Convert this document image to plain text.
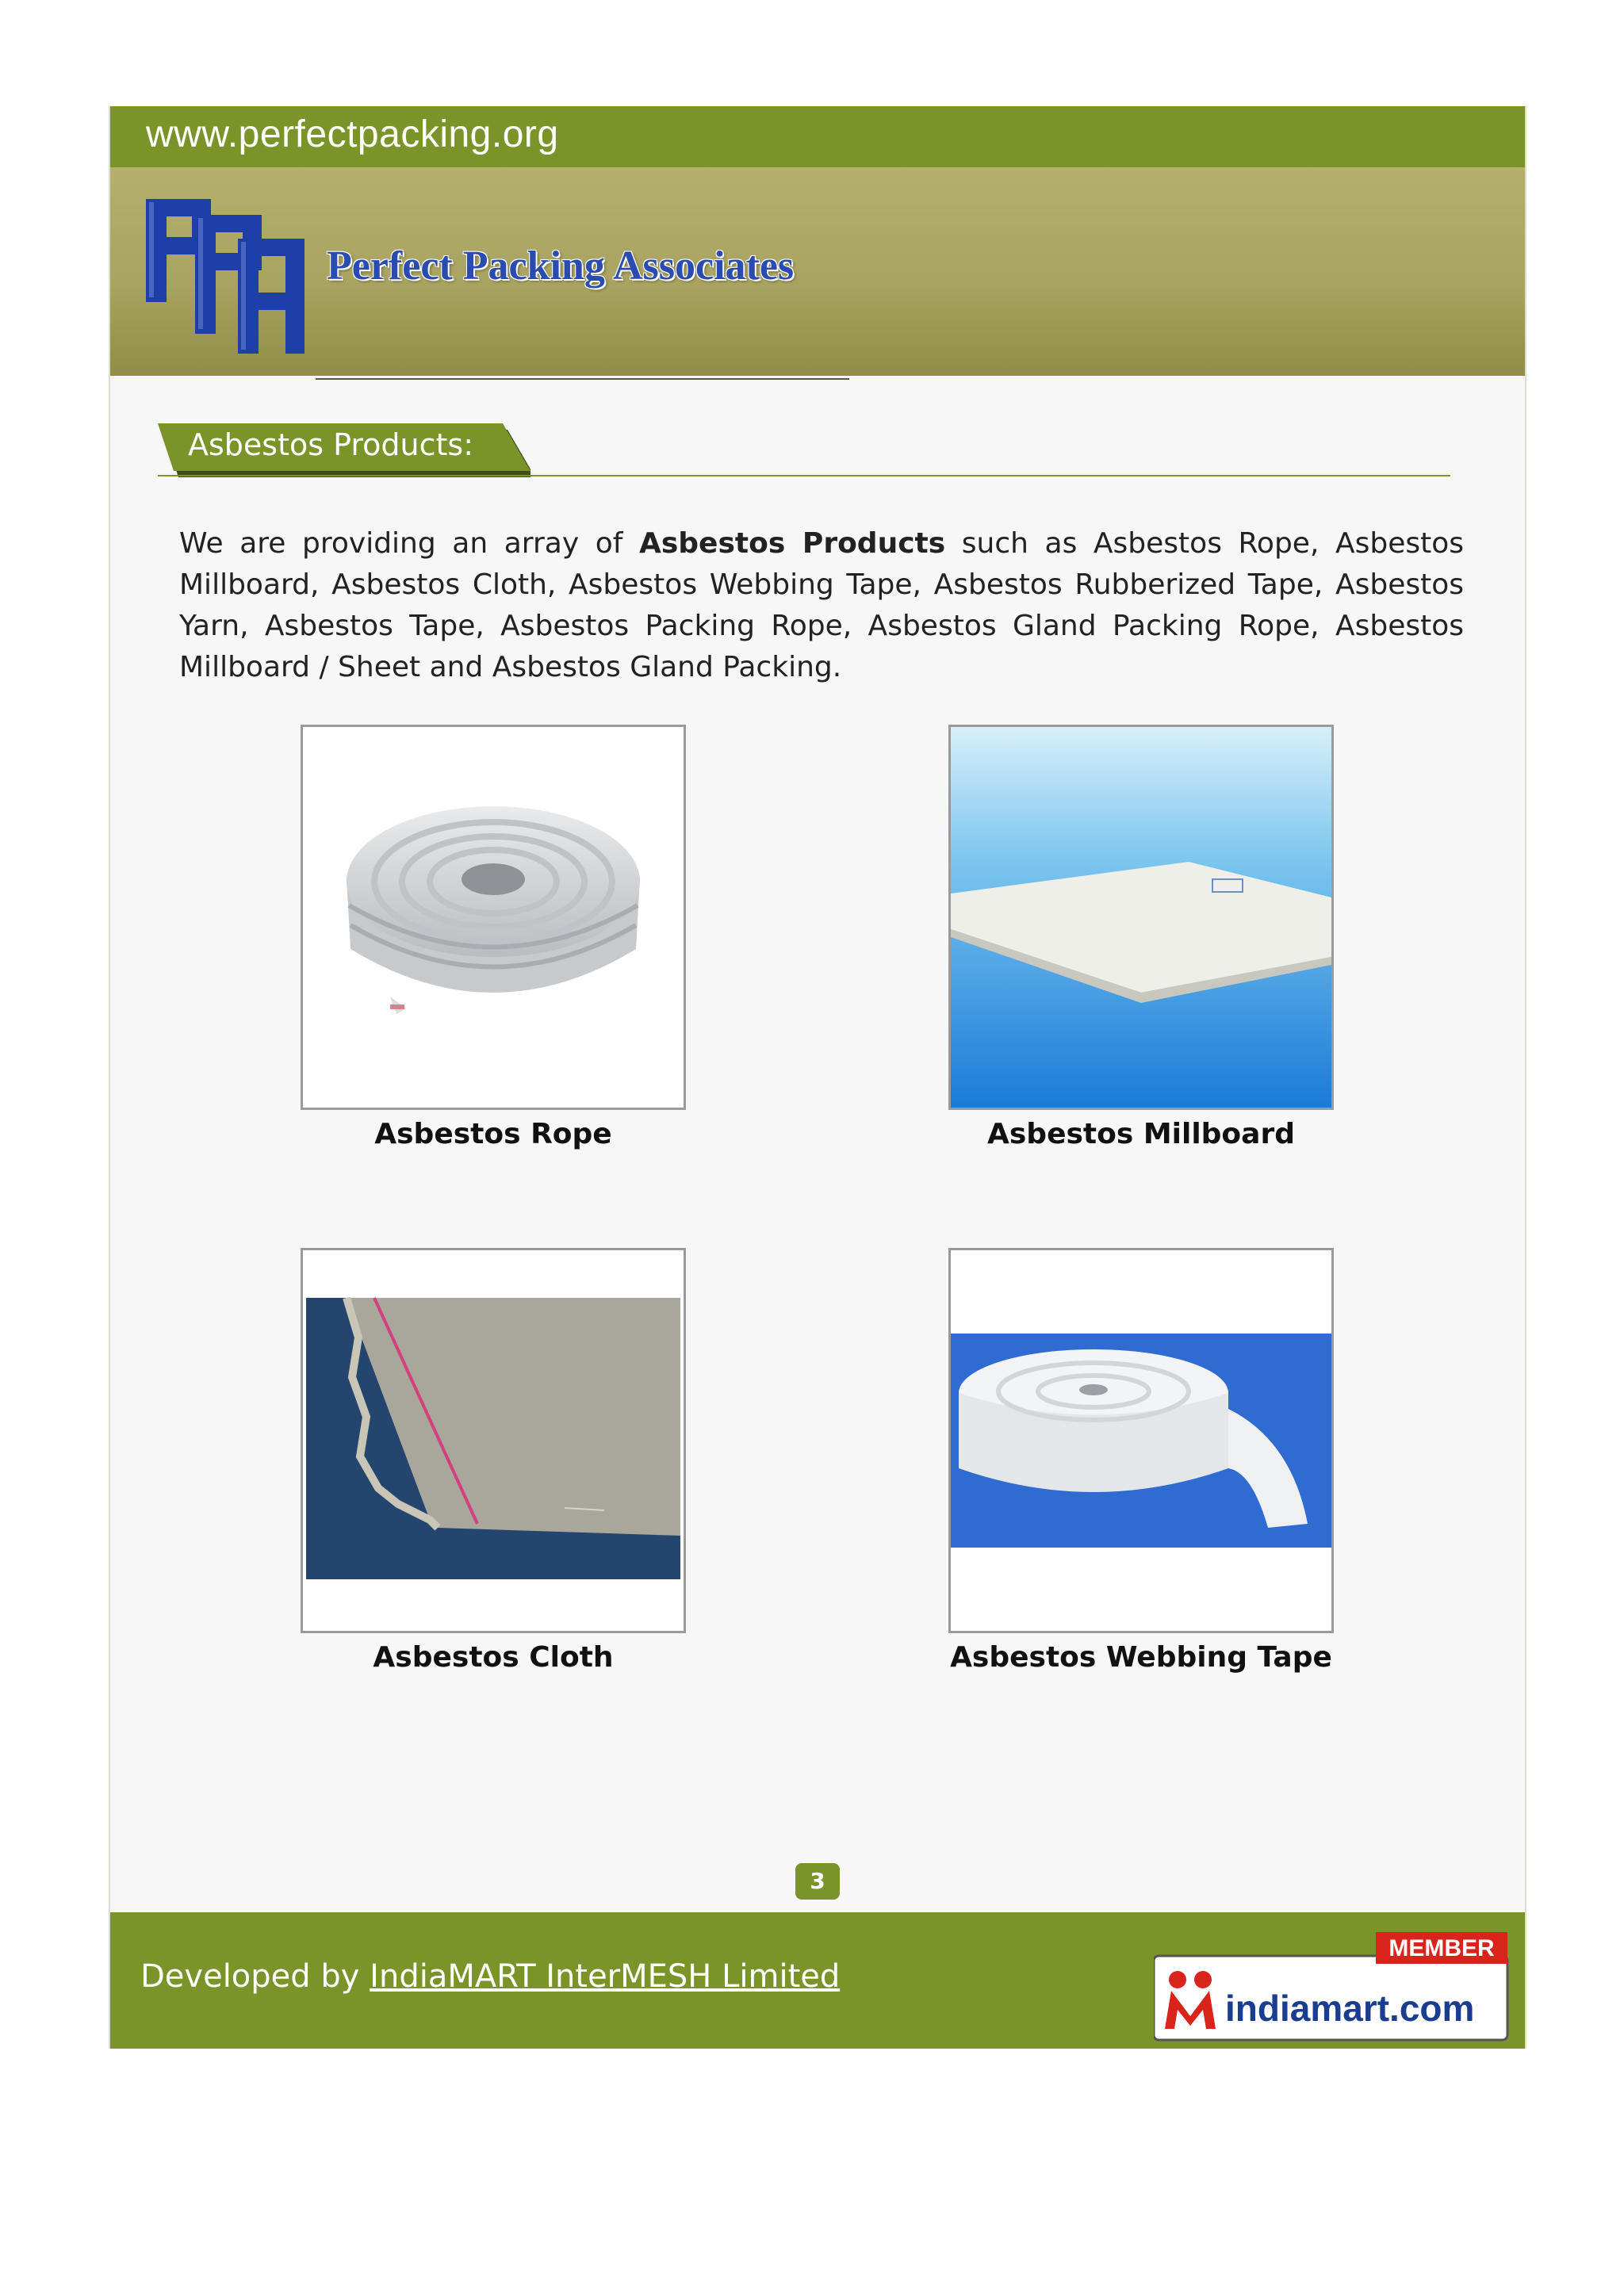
www.perfectpacking.org
Perfect Packing Associates
Asbestos Products:

We are providing an array of Asbestos Products such as Asbestos Rope, Asbestos Millboard, Asbestos Cloth, Asbestos Webbing Tape, Asbestos Rubberized Tape, Asbestos Yarn, Asbestos Tape, Asbestos Packing Rope, Asbestos Gland Packing Rope, Asbestos Millboard / Sheet and Asbestos Gland Packing.

Asbestos Rope	Asbestos Millboard
Asbestos Cloth	Asbestos Webbing Tape
3
Developed by IndiaMART InterMESH Limited
MEMBER
indiamart.com
